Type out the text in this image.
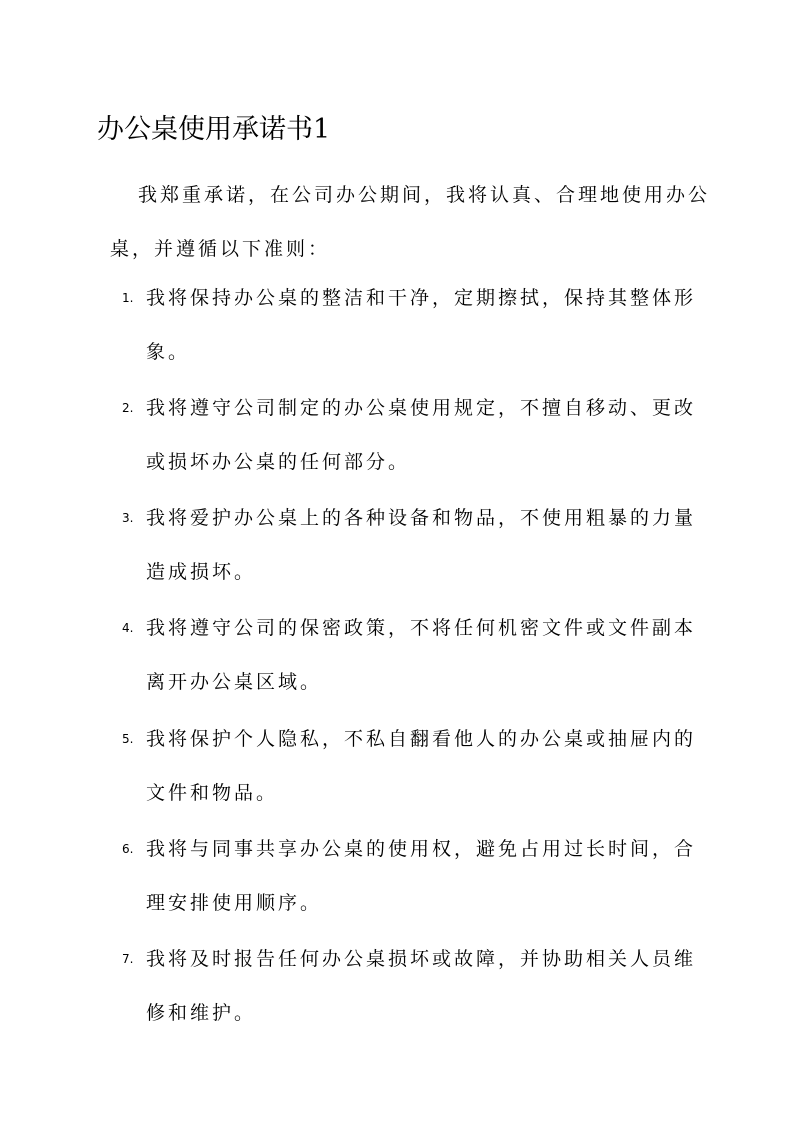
办公桌使用承诺书1

我郑重承诺，在公司办公期间，我将认真、合理地使用办公桌，并遵循以下准则：

1. 我将保持办公桌的整洁和干净，定期擦拭，保持其整体形象。
2. 我将遵守公司制定的办公桌使用规定，不擅自移动、更改或损坏办公桌的任何部分。
3. 我将爱护办公桌上的各种设备和物品，不使用粗暴的力量造成损坏。
4. 我将遵守公司的保密政策，不将任何机密文件或文件副本离开办公桌区域。
5. 我将保护个人隐私，不私自翻看他人的办公桌或抽屉内的文件和物品。
6. 我将与同事共享办公桌的使用权，避免占用过长时间，合理安排使用顺序。
7. 我将及时报告任何办公桌损坏或故障，并协助相关人员维修和维护。
